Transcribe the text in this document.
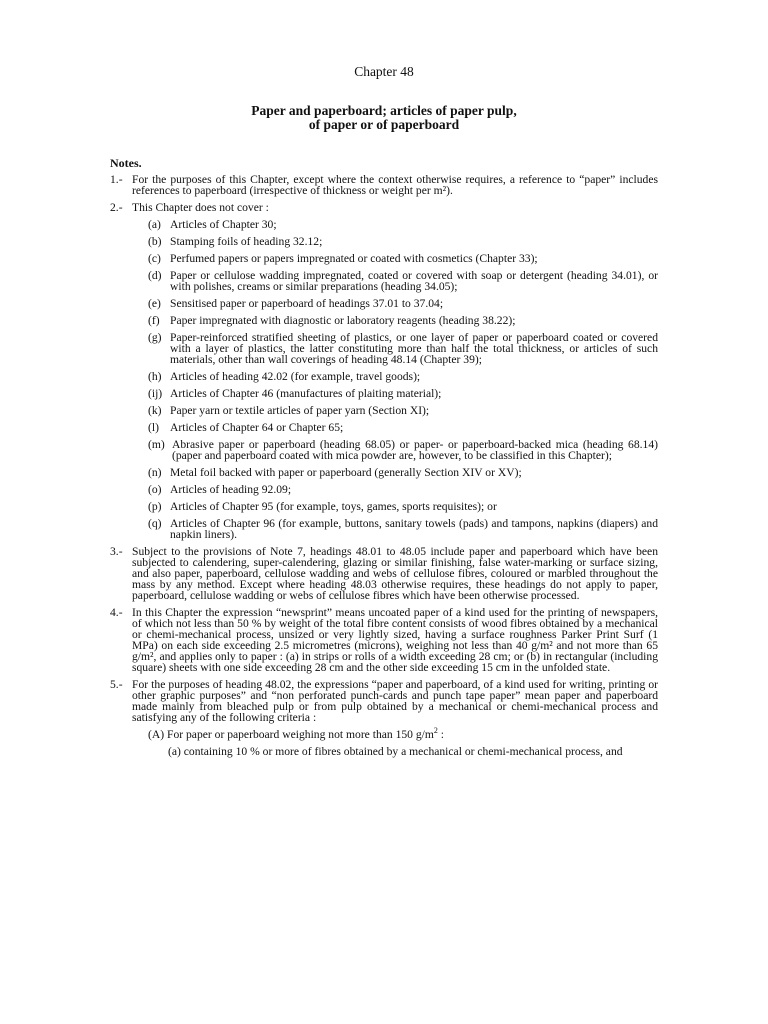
Chapter 48
Paper and paperboard; articles of paper pulp,
of paper or of paperboard
Notes.
1.- For the purposes of this Chapter, except where the context otherwise requires, a reference to “paper” includes references to paperboard (irrespective of thickness or weight per m²).

2.- This Chapter does not cover :

(a) Articles of Chapter 30;

(b) Stamping foils of heading 32.12;

(c) Perfumed papers or papers impregnated or coated with cosmetics (Chapter 33);

(d) Paper or cellulose wadding impregnated, coated or covered with soap or detergent (heading 34.01), or with polishes, creams or similar preparations (heading 34.05);

(e) Sensitised paper or paperboard of headings 37.01 to 37.04;

(f) Paper impregnated with diagnostic or laboratory reagents (heading 38.22);

(g) Paper-reinforced stratified sheeting of plastics, or one layer of paper or paperboard coated or covered with a layer of plastics, the latter constituting more than half the total thickness, or articles of such materials, other than wall coverings of heading 48.14 (Chapter 39);

(h) Articles of heading 42.02 (for example, travel goods);

(ij) Articles of Chapter 46 (manufactures of plaiting material);

(k) Paper yarn or textile articles of paper yarn (Section XI);

(l) Articles of Chapter 64 or Chapter 65;

(m) Abrasive paper or paperboard (heading 68.05) or paper- or paperboard-backed mica (heading 68.14) (paper and paperboard coated with mica powder are, however, to be classified in this Chapter);

(n) Metal foil backed with paper or paperboard (generally Section XIV or XV);

(o) Articles of heading 92.09;

(p) Articles of Chapter 95 (for example, toys, games, sports requisites); or

(q) Articles of Chapter 96 (for example, buttons, sanitary towels (pads) and tampons, napkins (diapers) and napkin liners).

3.- Subject to the provisions of Note 7, headings 48.01 to 48.05 include paper and paperboard which have been subjected to calendering, super-calendering, glazing or similar finishing, false water-marking or surface sizing, and also paper, paperboard, cellulose wadding and webs of cellulose fibres, coloured or marbled throughout the mass by any method. Except where heading 48.03 otherwise requires, these headings do not apply to paper, paperboard, cellulose wadding or webs of cellulose fibres which have been otherwise processed.

4.- In this Chapter the expression “newsprint” means uncoated paper of a kind used for the printing of newspapers, of which not less than 50 % by weight of the total fibre content consists of wood fibres obtained by a mechanical or chemi-mechanical process, unsized or very lightly sized, having a surface roughness Parker Print Surf (1 MPa) on each side exceeding 2.5 micrometres (microns), weighing not less than 40 g/m² and not more than 65 g/m², and applies only to paper : (a) in strips or rolls of a width exceeding 28 cm; or (b) in rectangular (including square) sheets with one side exceeding 28 cm and the other side exceeding 15 cm in the unfolded state.

5.- For the purposes of heading 48.02, the expressions “paper and paperboard, of a kind used for writing, printing or other graphic purposes” and “non perforated punch-cards and punch tape paper” mean paper and paperboard made mainly from bleached pulp or from pulp obtained by a mechanical or chemi-mechanical process and satisfying any of the following criteria :

(A) For paper or paperboard weighing not more than 150 $g/m^2$ :
(a) containing 10 % or more of fibres obtained by a mechanical or chemi-mechanical process, and
